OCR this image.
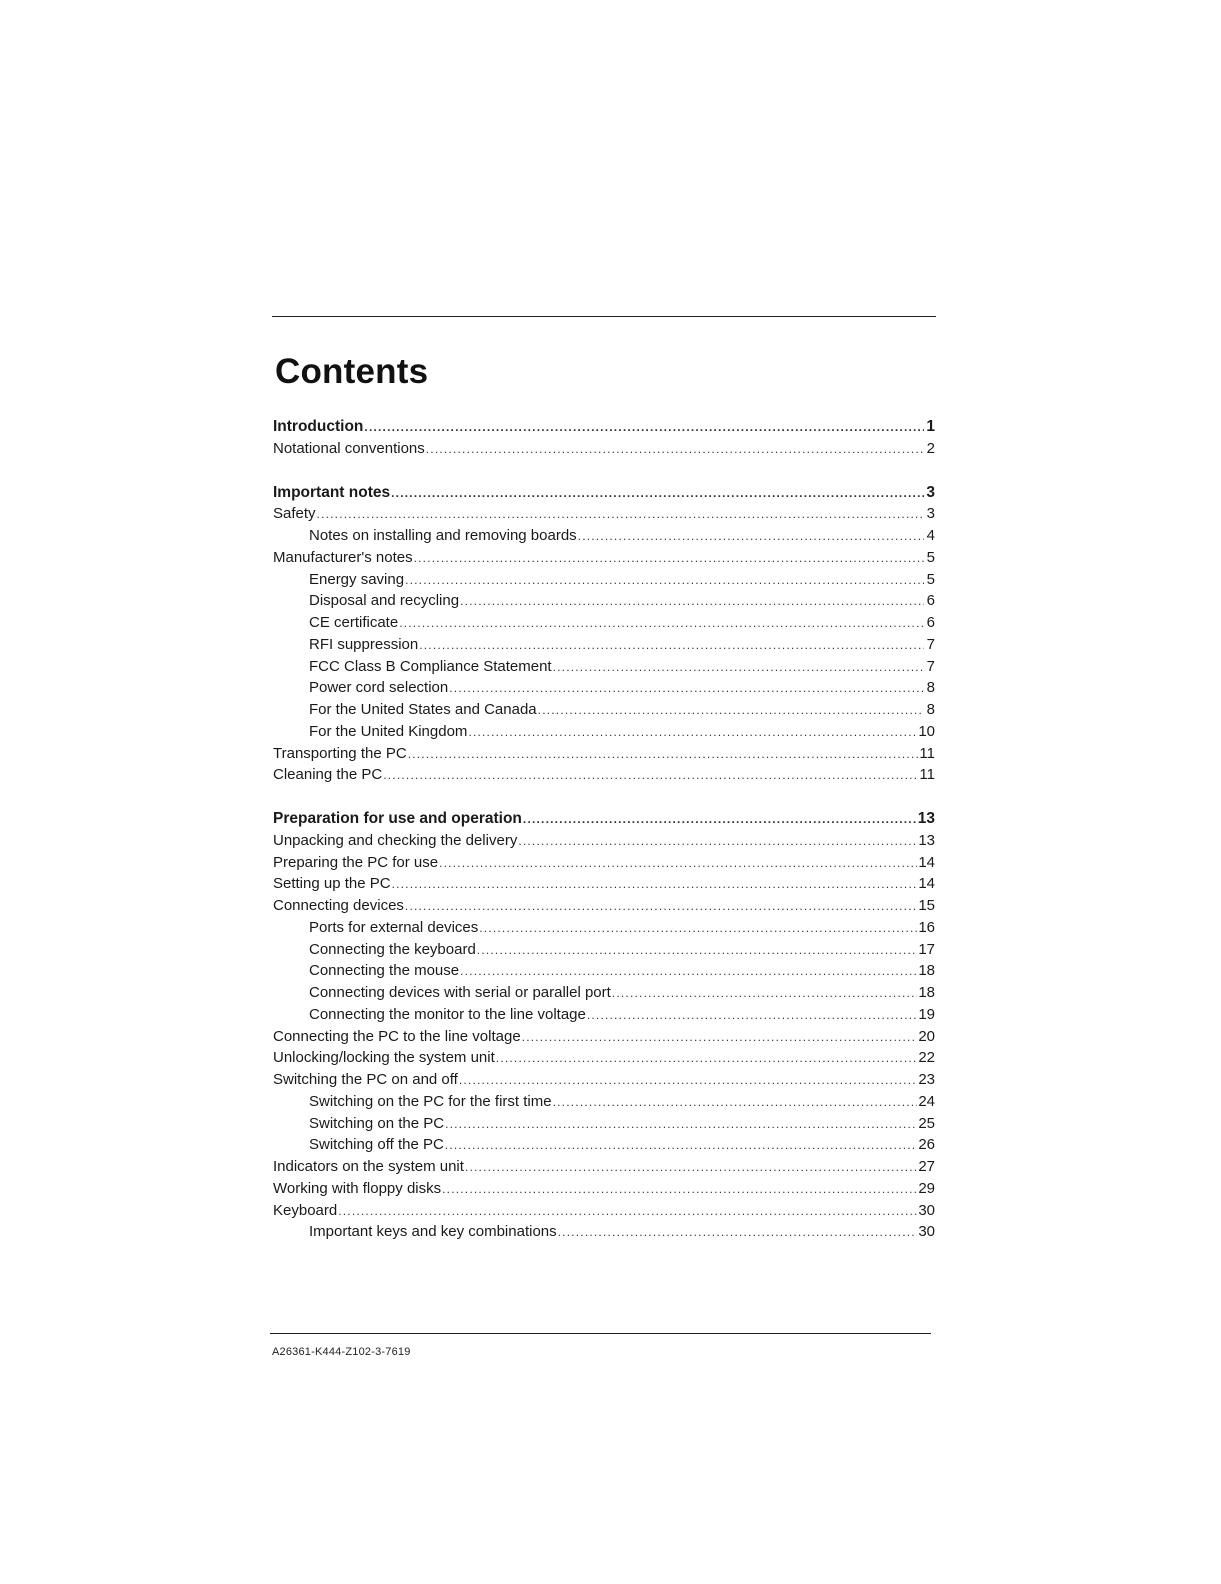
Contents
Introduction .....	1
Notational conventions .....	2
Important notes .....	3
Safety .....	3
Notes on installing and removing boards .....	4
Manufacturer's notes .....	5
Energy saving .....	5
Disposal and recycling .....	6
CE certificate .....	6
RFI suppression .....	7
FCC Class B Compliance Statement .....	7
Power cord selection .....	8
For the United States and Canada .....	8
For the United Kingdom .....	10
Transporting the PC .....	11
Cleaning the PC .....	11
Preparation for use and operation .....	13
Unpacking and checking the delivery .....	13
Preparing the PC for use .....	14
Setting up the PC .....	14
Connecting devices .....	15
Ports for external devices .....	16
Connecting the keyboard .....	17
Connecting the mouse .....	18
Connecting devices with serial or parallel port .....	18
Connecting the monitor to the line voltage .....	19
Connecting the PC to the line voltage .....	20
Unlocking/locking the system unit .....	22
Switching the PC on and off .....	23
Switching on the PC for the first time .....	24
Switching on the PC .....	25
Switching off the PC .....	26
Indicators on the system unit .....	27
Working with floppy disks .....	29
Keyboard .....	30
Important keys and key combinations .....	30
A26361-K444-Z102-3-7619
